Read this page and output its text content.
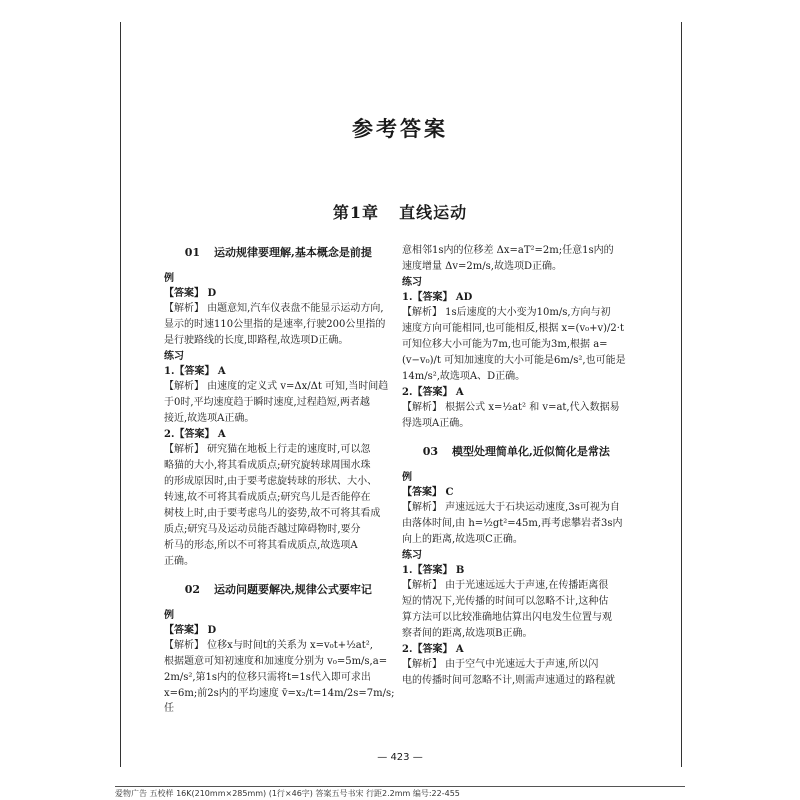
参考答案
第1章 直线运动
01 运动规律要理解,基本概念是前提

例

【答案】 D

【解析】 由题意知,汽车仪表盘不能显示运动方向,

显示的时速110公里指的是速率,行驶200公里指的

是行驶路线的长度,即路程,故选项D正确。

练习

1.【答案】 A

【解析】 由速度的定义式 v=Δx/Δt 可知,当时间趋

于0时,平均速度趋于瞬时速度,过程趋短,两者越

接近,故选项A正确。

2.【答案】 A

【解析】 研究猫在地板上行走的速度时,可以忽

略猫的大小,将其看成质点;研究旋转球周围水珠

的形成原因时,由于要考虑旋转球的形状、大小、

转速,故不可将其看成质点;研究鸟儿是否能停在

树枝上时,由于要考虑鸟儿的姿势,故不可将其看成

质点;研究马及运动员能否越过障碍物时,要分

析马的形态,所以不可将其看成质点,故选项A

正确。

02 运动问题要解决,规律公式要牢记

例

【答案】 D

【解析】 位移x与时间t的关系为 x=v₀t+½at²,

根据题意可知初速度和加速度分别为 v₀=5m/s,a=

2m/s²,第1s内的位移只需将t=1s代入即可求出

x=6m;前2s内的平均速度 v̄=x₂/t=14m/2s=7m/s;任

意相邻1s内的位移差 Δx=aT²=2m;任意1s内的

速度增量 Δv=2m/s,故选项D正确。

练习

1.【答案】 AD

【解析】 1s后速度的大小变为10m/s,方向与初

速度方向可能相同,也可能相反,根据 x=(v₀+v)/2·t

可知位移大小可能为7m,也可能为3m,根据 a=

(v−v₀)/t 可知加速度的大小可能是6m/s²,也可能是

14m/s²,故选项A、D正确。

2.【答案】 A

【解析】 根据公式 x=½at² 和 v=at,代入数据易

得选项A正确。

03 模型处理简单化,近似简化是常法

例

【答案】 C

【解析】 声速远远大于石块运动速度,3s可视为自

由落体时间,由 h=½gt²=45m,再考虑攀岩者3s内

向上的距离,故选项C正确。

练习

1.【答案】 B

【解析】 由于光速远远大于声速,在传播距离很

短的情况下,光传播的时间可以忽略不计,这种估

算方法可以比较准确地估算出闪电发生位置与观

察者间的距离,故选项B正确。

2.【答案】 A

【解析】 由于空气中光速远大于声速,所以闪

电的传播时间可忽略不计,则需声速通过的路程就

— 423 —
爱物广告 五校样 16K(210mm×285mm) (1行×46字) 答案五号书宋 行距2.2mm 编号:22-455
